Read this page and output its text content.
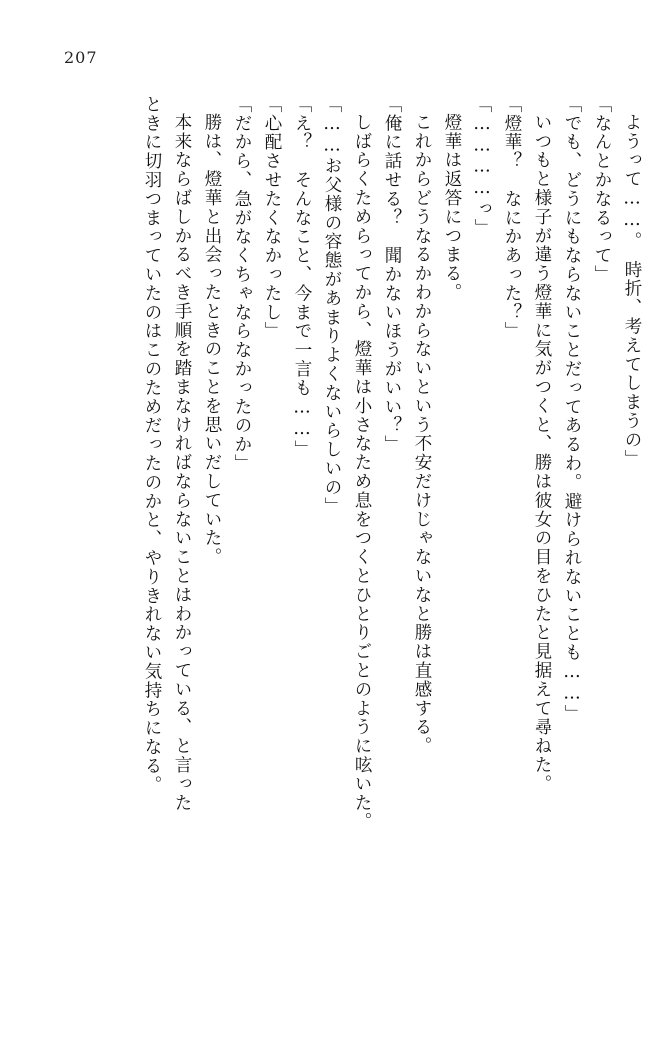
207
ようって……。　時折、考えてしまうの」
「なんとかなるって」
「でも、どうにもならないことだってあるわ。避けられないことも……」
いつもと様子が違う燈華に気がつくと、勝は彼女の目をひたと見据えて尋ねた。
「燈華？　なにかあった？」
「…………っ」
燈華は返答につまる。
これからどうなるかわからないという不安だけじゃないなと勝は直感する。
「俺に話せる？　聞かないほうがいい？」
しばらくためらってから、燈華は小さなため息をつくとひとりごとのように呟いた。
「……お父様の容態があまりよくないらしいの」
「え？　そんなこと、今まで一言も……」
「心配させたくなかったし」
「だから、急がなくちゃならなかったのか」
勝は、燈華と出会ったときのことを思いだしていた。
本来ならばしかるべき手順を踏まなければならないことはわかっている、と言った
ときに切羽つまっていたのはこのためだったのかと、やりきれない気持ちになる。
